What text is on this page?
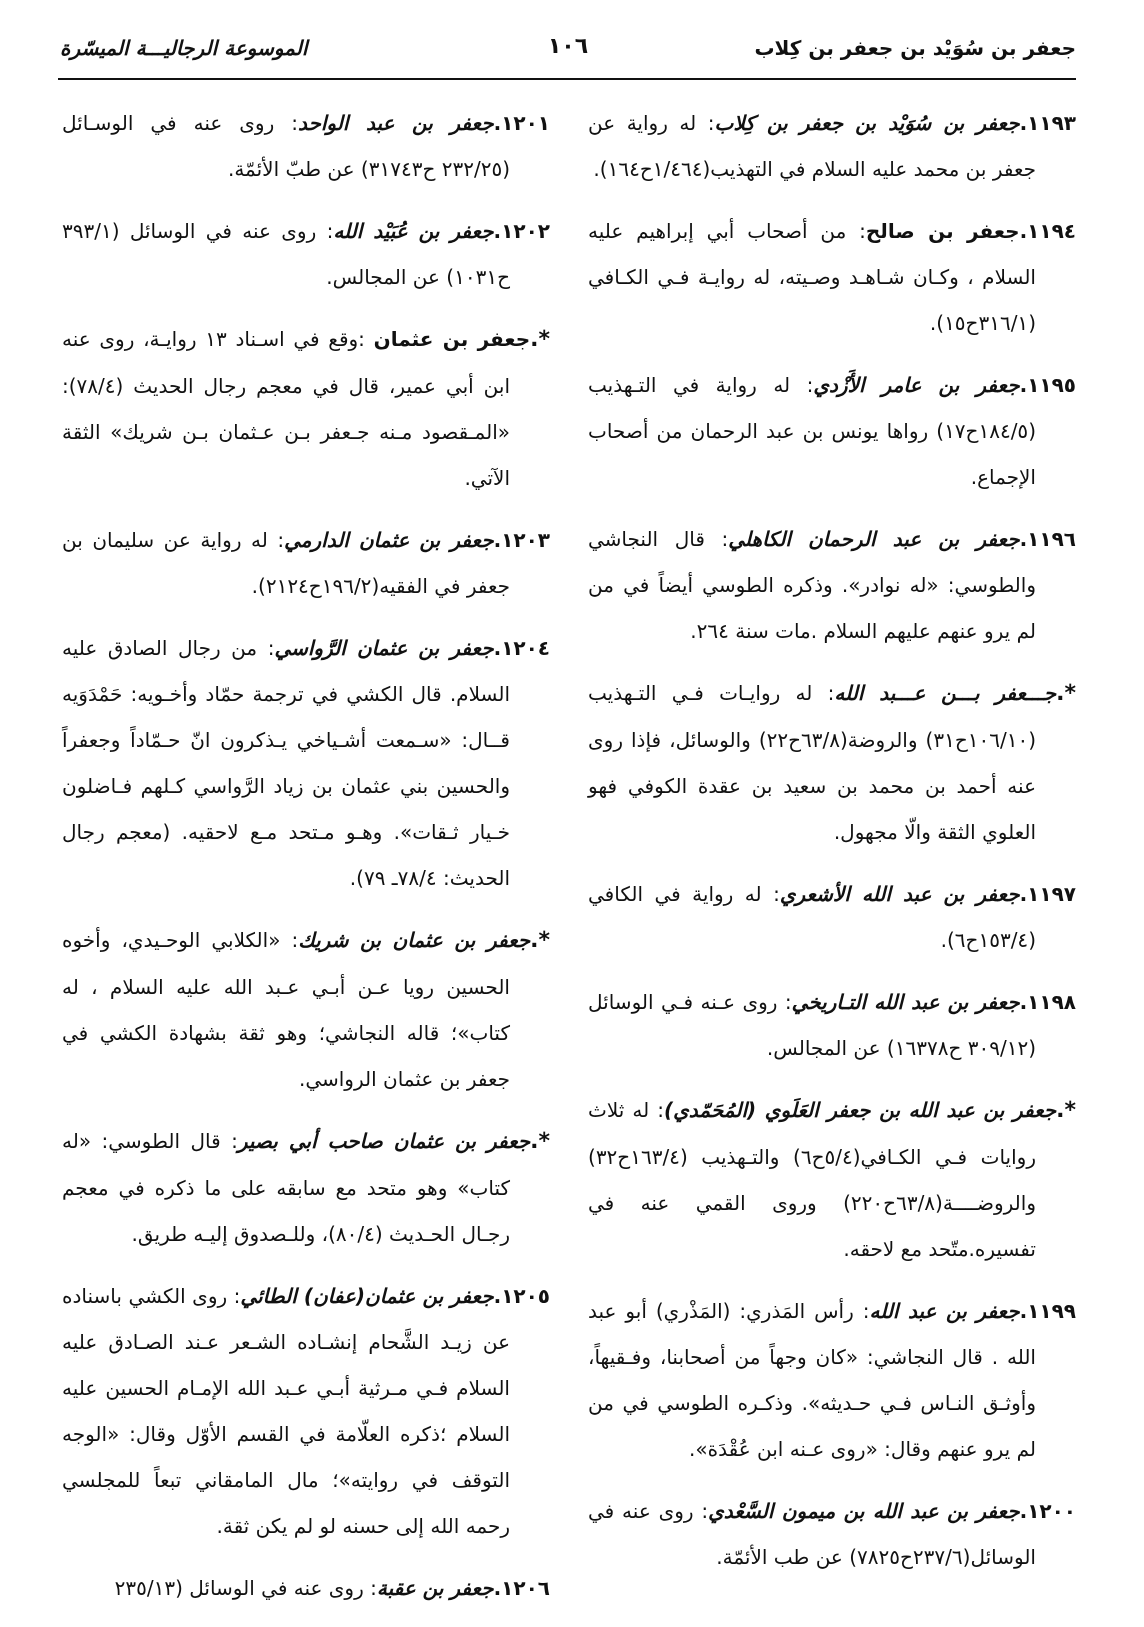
جعفر بن سُوَيْد بن جعفر بن كِلاب
١٠٦
الموسوعة الرجاليـــة الميسّرة

١١٩٣.جعفر بن سُوَيْد بن جعفر بن كِلاب: له رواية عن جعفر بن محمد عليه السلام في التهذيب(١/٤٦٤ح١٦٤).

١١٩٤.جعفر بن صالح: من أصحاب أبي إبراهيم عليه السلام ، وكـان شـاهـد وصـيته، له روايـة فـي الكـافي (٣١٦/١ح١٥).

١١٩٥.جعفر بن عامر الأَزْدي: له رواية في التـهذيب (١٨٤/٥ح١٧) رواها يونس بن عبد الرحمان من أصحاب الإجماع.

١١٩٦.جعفر بن عبد الرحمان الكاهلي: قال النجاشي والطوسي: «له نوادر». وذكره الطوسي أيضاً في من لم يرو عنهم عليهم السلام .مات سنة ٢٦٤.

*.جـــعفر بـــن عـــبد الله: له روايـات فـي التـهذيب (١٠٦/١٠ح٣١) والروضة(٦٣/٨ح٢٢) والوسائل، فإذا روى عنه أحمد بن محمد بن سعيد بن عقدة الكوفي فهو العلوي الثقة والّا مجهول.

١١٩٧.جعفر بن عبد الله الأشعري: له رواية في الكافي (١٥٣/٤ح٦).

١١٩٨.جعفر بن عبد الله التـاريخي: روى عـنه فـي الوسائل (٣٠٩/١٢ ح١٦٣٧٨) عن المجالس.

*.جعفر بن عبد الله بن جعفر العَلَوي (المُحَمّدي): له ثلاث روايات فـي الكـافي(٥/٤ح٦) والتـهذيب (١٦٣/٤ح٣٢) والروضــــة(٦٣/٨ح٢٢٠) وروى القمي عنه في تفسيره.متّحد مع لاحقه.

١١٩٩.جعفر بن عبد الله: رأس المَذري: (المَذْري) أبو عبد الله . قال النجاشي: «كان وجهاً من أصحابنا، وفـقيهاً، وأوثـق النـاس فـي حـديثه». وذكـره الطوسي في من لم يرو عنهم وقال: «روى عـنه ابن عُقْدَة».

١٢٠٠.جعفر بن عبد الله بن ميمون السَّعْدي: روى عنه في الوسائل(٢٣٧/٦ح٧٨٢٥) عن طب الأئمّة.

١٢٠١.جعفر بن عبد الواحد: روى عنه في الوسـائل (٢٣٢/٢٥ ح٣١٧٤٣) عن طبّ الأئمّة.

١٢٠٢.جعفر بن عُبَيْد الله: روى عنه في الوسائل (٣٩٣/١ ح١٠٣١) عن المجالس.

*.جعفر بن عثمان :وقع في اسـناد ١٣ روايـة، روى عنه ابن أبي عمير، قال في معجم رجال الحديث (٧٨/٤): «المـقصود مـنه جـعفر بـن عـثمان بـن شريك» الثقة الآتي.

١٢٠٣.جعفر بن عثمان الدارمي: له رواية عن سليمان بن جعفر في الفقيه(١٩٦/٢ح٢١٢٤).

١٢٠٤.جعفر بن عثمان الرَّواسي: من رجال الصادق عليه السلام. قال الكشي في ترجمة حمّاد وأخـويه: حَمْدَوَيه قــال: «سـمعت أشـياخي يـذكرون انّ حـمّاداً وجعفراً والحسين بني عثمان بن زياد الرَّواسي كـلهم فـاضلون خـيار ثـقات». وهـو مـتحد مـع لاحقيه. (معجم رجال الحديث: ٧٨/٤ـ ٧٩).

*.جعفر بن عثمان بن شريك: «الكلابي الوحـيدي، وأخوه الحسين رويا عـن أبـي عـبد الله عليه السلام ، له كتاب»؛ قاله النجاشي؛ وهو ثقة بشهادة الكشي في جعفر بن عثمان الرواسي.

*.جعفر بن عثمان صاحب أبي بصير: قال الطوسي: «له كتاب» وهو متحد مع سابقه على ما ذكره في معجم رجـال الحـديث (٨٠/٤)، وللـصدوق إليـه طريق.

١٢٠٥.جعفر بن عثمان(عفان) الطائي: روى الكشي باسناده عن زيـد الشَّحام إنشـاده الشـعر عـند الصـادق عليه السلام فـي مـرثية أبـي عـبد الله الإمـام الحسين عليه السلام ؛ذكره العلّامة في القسم الأوّل وقال: «الوجه التوقف في روايته»؛ مال المامقاني تبعاً للمجلسي رحمه الله إلى حسنه لو لم يكن ثقة.

١٢٠٦.جعفر بن عقبة: روى عنه في الوسائل (٢٣٥/١٣
